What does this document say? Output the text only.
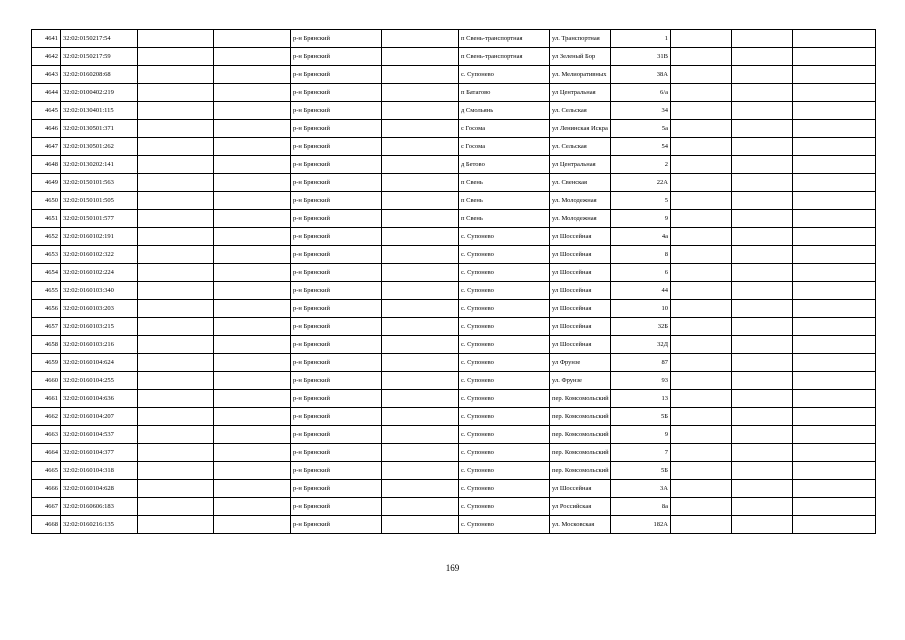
4641	32:02:0150217:54			р-н Брянский		п Свень-транспортная	ул. Транспортная	1			
4642	32:02:0150217:59			р-н Брянский		п Свень-транспортная	ул Зеленый Бор	31В			
4643	32:02:0160208:68			р-н Брянский		с. Супонево	ул. Мелиоративных	38А			
4644	32:02:0100402:219			р-н Брянский		п Батагово	ул Центральная	6/а			
4645	32:02:0130401:115			р-н Брянский		д Смольянь	ул. Сельская	34			
4646	32:02:0130501:371			р-н Брянский		с Госома	ул Ленинская Искра	5а			
4647	32:02:0130501:262			р-н Брянский		с Госома	ул. Сельская	54			
4648	32:02:0130202:141			р-н Брянский		д Бетово	ул Центральная	2			
4649	32:02:0150101:563			р-н Брянский		п Свень	ул. Свенская	22А			
4650	32:02:0150101:505			р-н Брянский		п Свень	ул. Молодежная	5			
4651	32:02:0150101:577			р-н Брянский		п Свень	ул. Молодежная	9			
4652	32:02:0160102:191			р-н Брянский		с. Супонево	ул Шоссейная	4а			
4653	32:02:0160102:322			р-н Брянский		с. Супонево	ул Шоссейная	8			
4654	32:02:0160102:224			р-н Брянский		с. Супонево	ул Шоссейная	6			
4655	32:02:0160103:340			р-н Брянский		с. Супонево	ул Шоссейная	44			
4656	32:02:0160103:203			р-н Брянский		с. Супонево	ул Шоссейная	10			
4657	32:02:0160103:215			р-н Брянский		с. Супонево	ул Шоссейная	32Б			
4658	32:02:0160103:216			р-н Брянский		с. Супонево	ул Шоссейная	32Д			
4659	32:02:0160104:624			р-н Брянский		с. Супонево	ул Фрунзе	87			
4660	32:02:0160104:255			р-н Брянский		с. Супонево	ул. Фрунзе	93			
4661	32:02:0160104:636			р-н Брянский		с. Супонево	пер. Комсомольский	13			
4662	32:02:0160104:207			р-н Брянский		с. Супонево	пер. Комсомольский	5Б			
4663	32:02:0160104:537			р-н Брянский		с. Супонево	пер. Комсомольский	9			
4664	32:02:0160104:377			р-н Брянский		с. Супонево	пер. Комсомольский	7			
4665	32:02:0160104:318			р-н Брянский		с. Супонево	пер. Комсомольский	5Б			
4666	32:02:0160104:628			р-н Брянский		с. Супонево	ул Шоссейная	3А			
4667	32:02:0160606:183			р-н Брянский		с. Супонево	ул Российская	8а			
4668	32:02:0160216:135			р-н Брянский		с. Супонево	ул. Московская	182А			
169
